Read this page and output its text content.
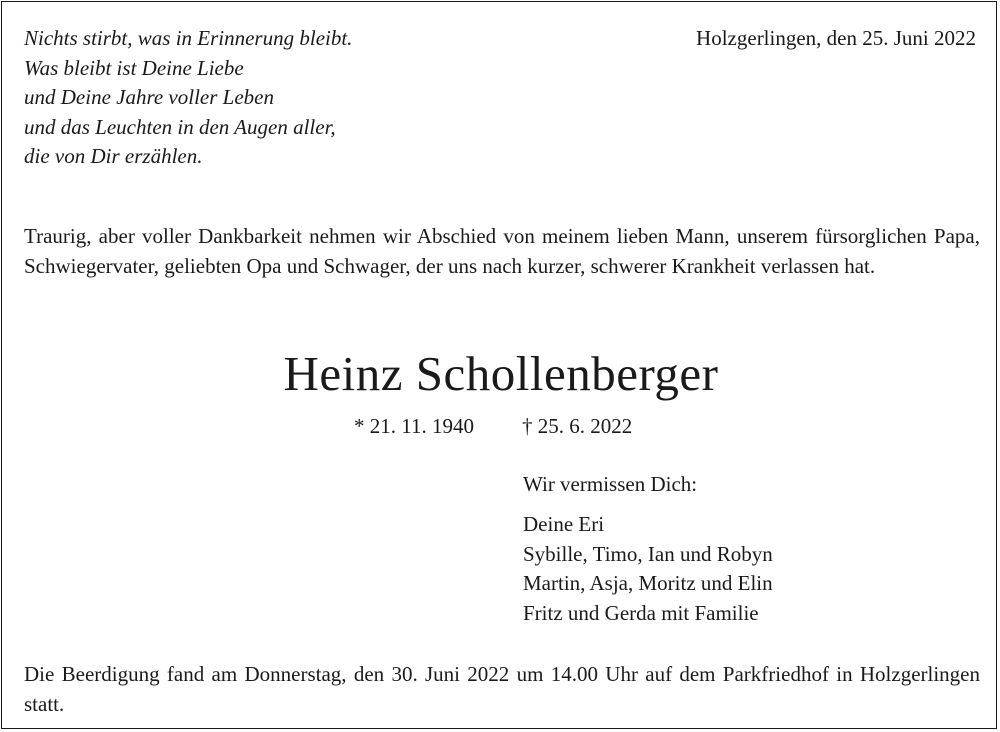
Nichts stirbt, was in Erinnerung bleibt.
Was bleibt ist Deine Liebe
und Deine Jahre voller Leben
und das Leuchten in den Augen aller,
die von Dir erzählen.
Holzgerlingen, den 25. Juni 2022
Traurig, aber voller Dankbarkeit nehmen wir Abschied von meinem lieben Mann, unserem fürsorglichen Papa, Schwiegervater, geliebten Opa und Schwager, der uns nach kurzer, schwerer Krankheit verlassen hat.
Heinz Schollenberger
* 21. 11. 1940 † 25. 6. 2022
Wir vermissen Dich:
Deine Eri
Sybille, Timo, Ian und Robyn
Martin, Asja, Moritz und Elin
Fritz und Gerda mit Familie
Die Beerdigung fand am Donnerstag, den 30. Juni 2022 um 14.00 Uhr auf dem Parkfriedhof in Holzgerlingen statt.
